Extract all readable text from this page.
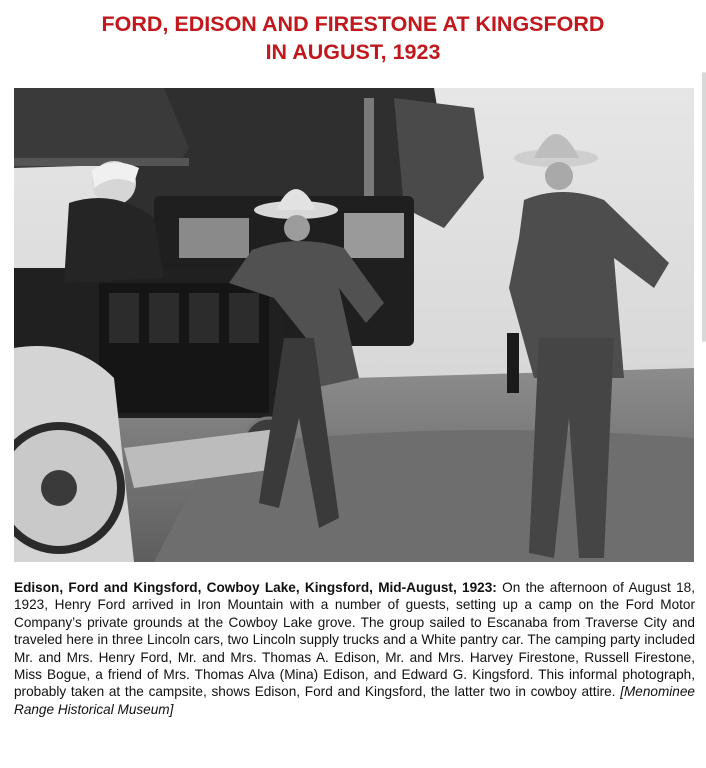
FORD, EDISON AND FIRESTONE AT KINGSFORD
IN AUGUST, 1923
Edison, Ford and Kingsford, Cowboy Lake, Kingsford, Mid-August, 1923: On the afternoon of August 18, 1923, Henry Ford arrived in Iron Mountain with a number of guests, setting up a camp on the Ford Motor Company’s private grounds at the Cowboy Lake grove. The group sailed to Escanaba from Traverse City and traveled here in three Lincoln cars, two Lincoln supply trucks and a White pantry car. The camping party included Mr. and Mrs. Henry Ford, Mr. and Mrs. Thomas A. Edison, Mr. and Mrs. Harvey Firestone, Russell Firestone, Miss Bogue, a friend of Mrs. Thomas Alva (Mina) Edison, and Edward G. Kingsford. This informal photograph, probably taken at the campsite, shows Edison, Ford and Kingsford, the latter two in cowboy attire. [Menominee Range Historical Museum]
